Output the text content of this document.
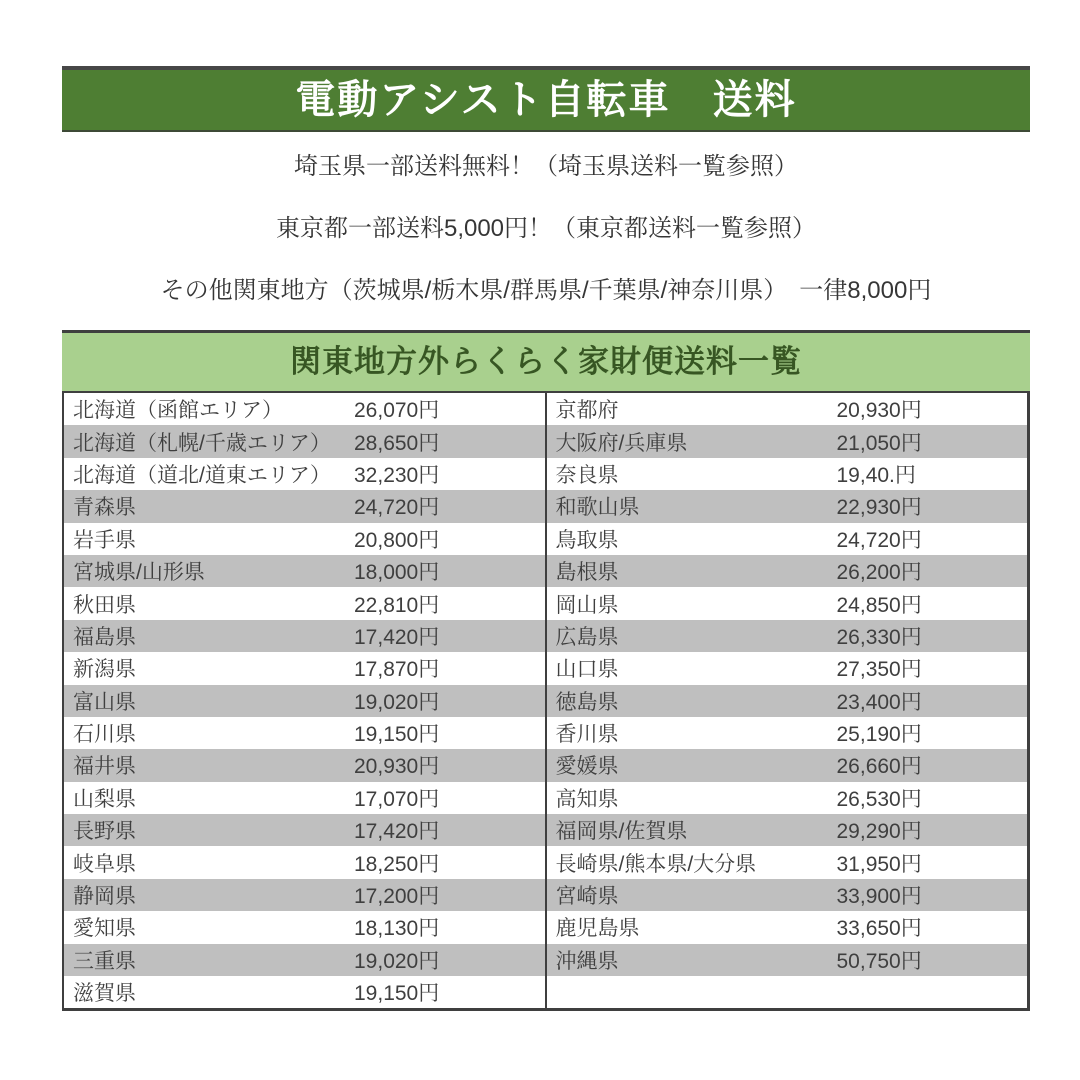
電動アシスト自転車　送料
埼玉県一部送料無料！（埼玉県送料一覧参照）
東京都一部送料5,000円！（東京都送料一覧参照）
その他関東地方（茨城県/栃木県/群馬県/千葉県/神奈川県）　一律8,000円
関東地方外らくらく家財便送料一覧
北海道（函館エリア）	26,070円	京都府	20,930円
北海道（札幌/千歳エリア）	28,650円	大阪府/兵庫県	21,050円
北海道（道北/道東エリア）	32,230円	奈良県	19,40.円
青森県	24,720円	和歌山県	22,930円
岩手県	20,800円	鳥取県	24,720円
宮城県/山形県	18,000円	島根県	26,200円
秋田県	22,810円	岡山県	24,850円
福島県	17,420円	広島県	26,330円
新潟県	17,870円	山口県	27,350円
富山県	19,020円	徳島県	23,400円
石川県	19,150円	香川県	25,190円
福井県	20,930円	愛媛県	26,660円
山梨県	17,070円	高知県	26,530円
長野県	17,420円	福岡県/佐賀県	29,290円
岐阜県	18,250円	長崎県/熊本県/大分県	31,950円
静岡県	17,200円	宮崎県	33,900円
愛知県	18,130円	鹿児島県	33,650円
三重県	19,020円	沖縄県	50,750円
滋賀県	19,150円
